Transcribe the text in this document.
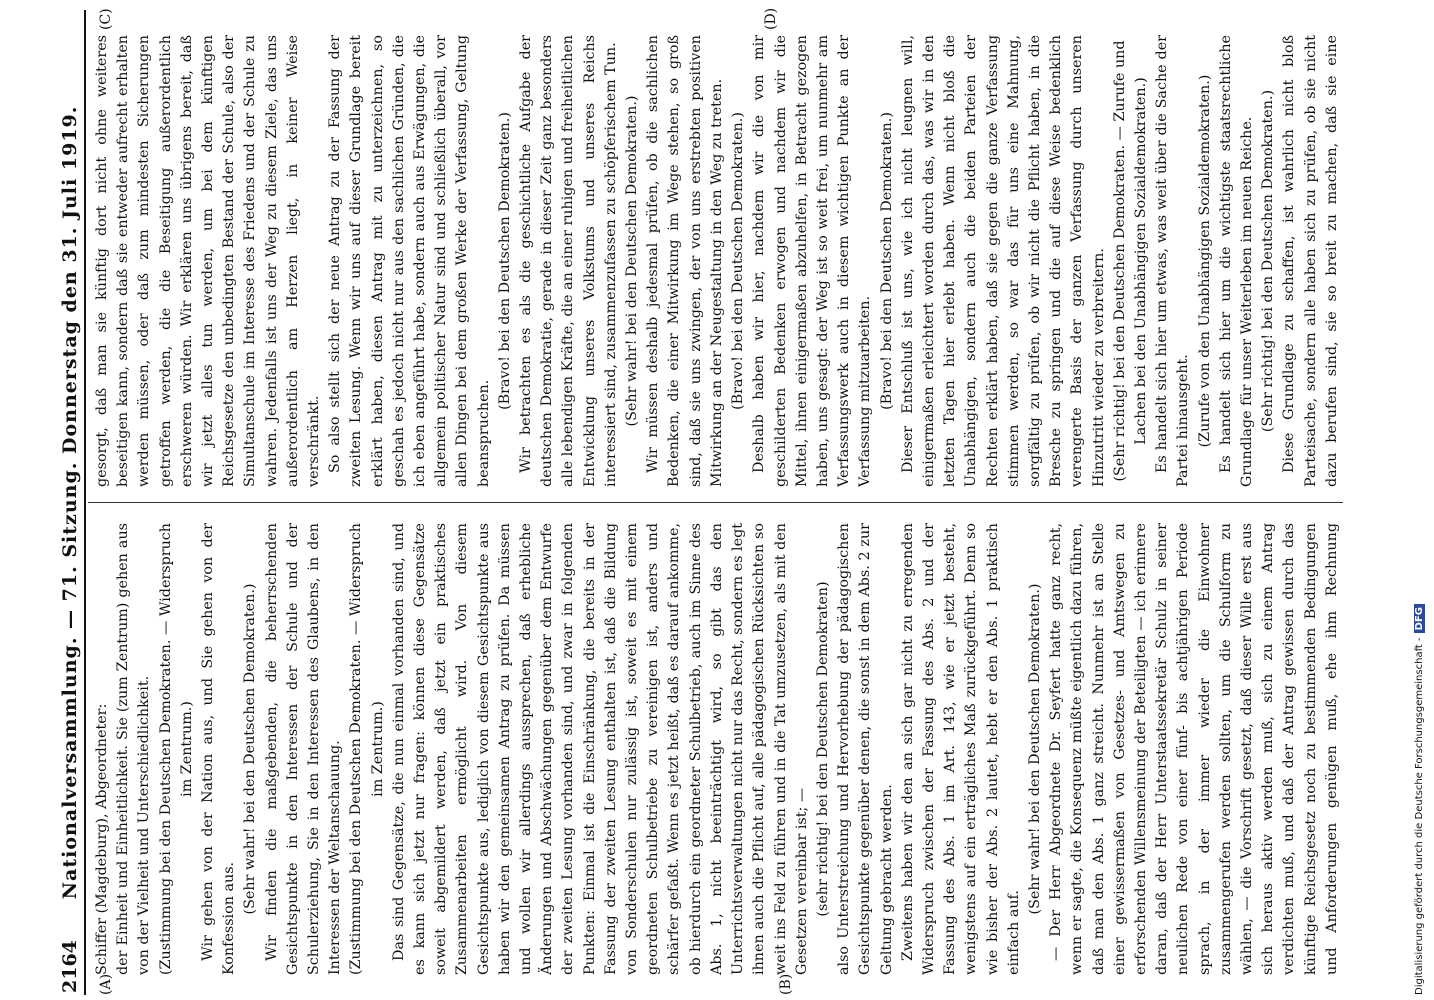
2164
Nationalversammlung. — 71. Sitzung. Donnerstag den 31. Juli 1919.
(A)	(B)
(C)	(D)

Schiffer (Magdeburg), Abgeordneter: der Einheit und Einheitlichkeit. Sie (zum Zentrum) gehen aus von der Vielheit und Unterschiedlichkeit. (Zustimmung bei den Deutschen Demokraten. — Widerspruch im Zentrum.) Wir gehen von der Nation aus, und Sie gehen von der Konfession aus.

(Sehr wahr! bei den Deutschen Demokraten.) Wir finden die maßgebenden, die beherrschenden Gesichtspunkte in den Interessen der Schule und der Schulerziehung, Sie in den Interessen des Glaubens, in den Interessen der Weltanschauung. (Zustimmung bei den Deutschen Demokraten. — Widerspruch im Zentrum.) Das sind Gegensätze, die nun einmal vorhanden sind, und es kann sich jetzt nur fragen: können diese Gegensätze soweit abgemildert werden, daß jetzt ein praktisches Zusammenarbeiten ermöglicht wird. Von diesem Gesichtspunkte aus, lediglich von diesem Gesichtspunkte aus haben wir den gemeinsamen Antrag zu prüfen. Da müssen und wollen wir allerdings aussprechen, daß erhebliche Änderungen und Abschwächungen gegenüber dem Entwurfe der zweiten Lesung vorhanden sind, und zwar in folgenden Punkten: Einmal ist die Einschränkung, die bereits in der Fassung der zweiten Lesung enthalten ist, daß die Bildung von Sonderschulen nur zulässig ist, soweit es mit einem geordneten Schulbetriebe zu vereinigen ist, anders und schärfer gefaßt. Wenn es jetzt heißt, daß es darauf ankomme, ob hierdurch ein geordneter Schulbetrieb, auch im Sinne des Abs. 1, nicht beeinträchtigt wird, so gibt das den Unterrichtsverwaltungen nicht nur das Recht, sondern es legt ihnen auch die Pflicht auf, alle pädagogischen Rücksichten so weit ins Feld zu führen und in die Tat umzusetzen, als mit den Gesetzen vereinbar ist; — (sehr richtig! bei den Deutschen Demokraten) also Unterstreichung und Hervorhebung der pädagogischen Gesichtspunkte gegenüber denen, die sonst in dem Abs. 2 zur Geltung gebracht werden. Zweitens haben wir den an sich gar nicht zu erregenden Widerspruch zwischen der Fassung des Abs. 2 und der Fassung des Abs. 1 im Art. 143, wie er jetzt besteht, wenigstens auf ein erträgliches Maß zurückgeführt. Denn so wie bisher der Abs. 2 lautet, hebt er den Abs. 1 praktisch einfach auf.

(Sehr wahr! bei den Deutschen Demokraten.)

— Der Herr Abgeordnete Dr. Seyfert hatte ganz recht, wenn er sagte, die Konsequenz müßte eigentlich dazu führen, daß man den Abs. 1 ganz streicht. Nunmehr ist an Stelle einer gewissermaßen von Gesetzes- und Amtswegen zu erforschenden Willensmeinung der Beteiligten — ich erinnere daran, daß der Herr Unterstaatssekretär Schulz in seiner neulichen Rede von einer fünf- bis achtjährigen Periode sprach, in der immer wieder die Einwohner zusammengerufen werden sollten, um die Schulform zu wählen, — die Vorschrift gesetzt, daß dieser Wille erst aus sich heraus aktiv werden muß, sich zu einem Antrag verdichten muß, und daß der Antrag gewissen durch das künftige Reichsgesetz noch zu bestimmenden Bedingungen und Anforderungen genügen muß, ehe ihm Rechnung

gesorgt, daß man sie künftig dort nicht ohne weiteres beseitigen kann, sondern daß sie entweder aufrecht erhalten werden müssen, oder daß zum mindesten Sicherungen getroffen werden, die die Beseitigung außerordentlich erschweren würden. Wir erklären uns übrigens bereit, daß wir jetzt alles tun werden, um bei dem künftigen Reichsgesetze den unbedingten Bestand der Schule, also der Simultanschule im Interesse des Friedens und der Schule zu wahren. Jedenfalls ist uns der Weg zu diesem Ziele, das uns außerordentlich am Herzen liegt, in keiner Weise verschränkt. So also stellt sich der neue Antrag zu der Fassung der zweiten Lesung. Wenn wir uns auf dieser Grundlage bereit erklärt haben, diesen Antrag mit zu unterzeichnen, so geschah es jedoch nicht nur aus den sachlichen Gründen, die ich eben angeführt habe, sondern auch aus Erwägungen, die allgemein politischer Natur sind und schließlich überall, vor allen Dingen bei dem großen Werke der Verfassung, Geltung beanspruchen.

(Bravo! bei den Deutschen Demokraten.) Wir betrachten es als die geschichtliche Aufgabe der deutschen Demokratie, gerade in dieser Zeit ganz besonders alle lebendigen Kräfte, die an einer ruhigen und freiheitlichen Entwicklung unseres Volkstums und unseres Reichs interessiert sind, zusammenzufassen zu schöpferischem Tun. (Sehr wahr! bei den Deutschen Demokraten.) Wir müssen deshalb jedesmal prüfen, ob die sachlichen Bedenken, die einer Mitwirkung im Wege stehen, so groß sind, daß sie uns zwingen, der von uns erstrebten positiven Mitwirkung an der Neugestaltung in den Weg zu treten. (Bravo! bei den Deutschen Demokraten.) Deshalb haben wir hier, nachdem wir die von mir geschilderten Bedenken erwogen und nachdem wir die Mittel, ihnen einigermaßen abzuhelfen, in Betracht gezogen haben, uns gesagt: der Weg ist so weit frei, um nunmehr am Verfassungswerk auch in diesem wichtigen Punkte an der Verfassung mitzuarbeiten. (Bravo! bei den Deutschen Demokraten.) Dieser Entschluß ist uns, wie ich nicht leugnen will, einigermaßen erleichtert worden durch das, was wir in den letzten Tagen hier erlebt haben. Wenn nicht bloß die Unabhängigen, sondern auch die beiden Parteien der Rechten erklärt haben, daß sie gegen die ganze Verfassung stimmen werden, so war das für uns eine Mahnung, sorgfältig zu prüfen, ob wir nicht die Pflicht haben, in die Bresche zu springen und die auf diese Weise bedenklich verengerte Basis der ganzen Verfassung durch unseren Hinzutritt wieder zu verbreitern. (Sehr richtig! bei den Deutschen Demokraten. — Zurufe und Lachen bei den Unabhängigen Sozialdemokraten.) Es handelt sich hier um etwas, was weit über die Sache der Partei hinausgeht. (Zurufe von den Unabhängigen Sozialdemokraten.) Es handelt sich hier um die wichtigste staatsrechtliche Grundlage für unser Weiterleben im neuen Reiche. (Sehr richtig! bei den Deutschen Demokraten.)

Diese Grundlage zu schaffen, ist wahrlich nicht bloß Parteisache, sondern alle haben sich zu prüfen, ob sie nicht dazu berufen sind, sie so breit zu machen, daß sie eine

Digitalisierung gefördert durch die Deutsche Forschungsgemeinschaft -DFG
